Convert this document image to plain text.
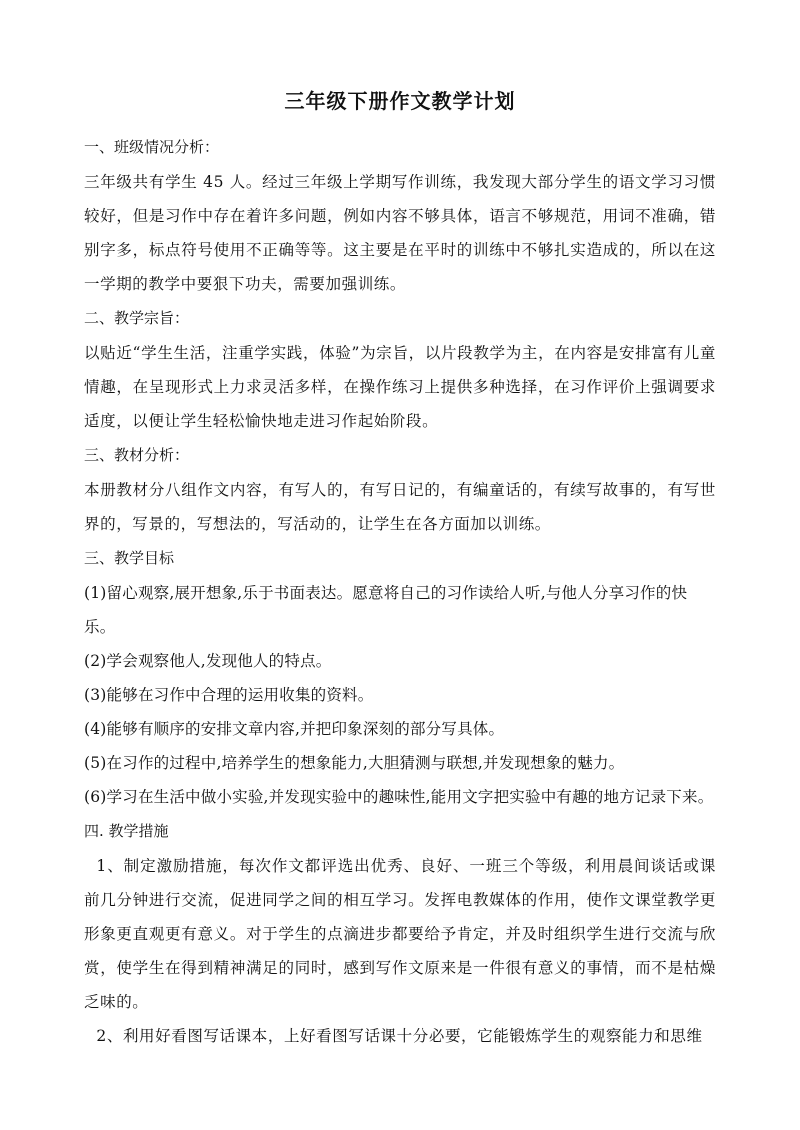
三年级下册作文教学计划
一、班级情况分析：

三年级共有学生 45 人。经过三年级上学期写作训练，我发现大部分学生的语文学习习惯较好，但是习作中存在着许多问题，例如内容不够具体，语言不够规范，用词不准确，错别字多，标点符号使用不正确等等。这主要是在平时的训练中不够扎实造成的，所以在这一学期的教学中要狠下功夫，需要加强训练。

二、教学宗旨：

以贴近“学生生活，注重学实践，体验”为宗旨，以片段教学为主，在内容是安排富有儿童情趣，在呈现形式上力求灵活多样，在操作练习上提供多种选择，在习作评价上强调要求适度，以便让学生轻松愉快地走进习作起始阶段。

三、教材分析：

本册教材分八组作文内容，有写人的，有写日记的，有编童话的，有续写故事的，有写世界的，写景的，写想法的，写活动的，让学生在各方面加以训练。

三、教学目标

(1)留心观察,展开想象,乐于书面表达。愿意将自己的习作读给人听,与他人分享习作的快乐。

(2)学会观察他人,发现他人的特点。

(3)能够在习作中合理的运用收集的资料。

(4)能够有顺序的安排文章内容,并把印象深刻的部分写具体。

(5)在习作的过程中,培养学生的想象能力,大胆猜测与联想,并发现想象的魅力。

(6)学习在生活中做小实验,并发现实验中的趣味性,能用文字把实验中有趣的地方记录下来。

四. 教学措施

1、制定激励措施，每次作文都评选出优秀、良好、一班三个等级，利用晨间谈话或课前几分钟进行交流，促进同学之间的相互学习。发挥电教媒体的作用，使作文课堂教学更形象更直观更有意义。对于学生的点滴进步都要给予肯定，并及时组织学生进行交流与欣赏，使学生在得到精神满足的同时，感到写作文原来是一件很有意义的事情，而不是枯燥乏味的。

2、利用好看图写话课本，上好看图写话课十分必要，它能锻炼学生的观察能力和思维
